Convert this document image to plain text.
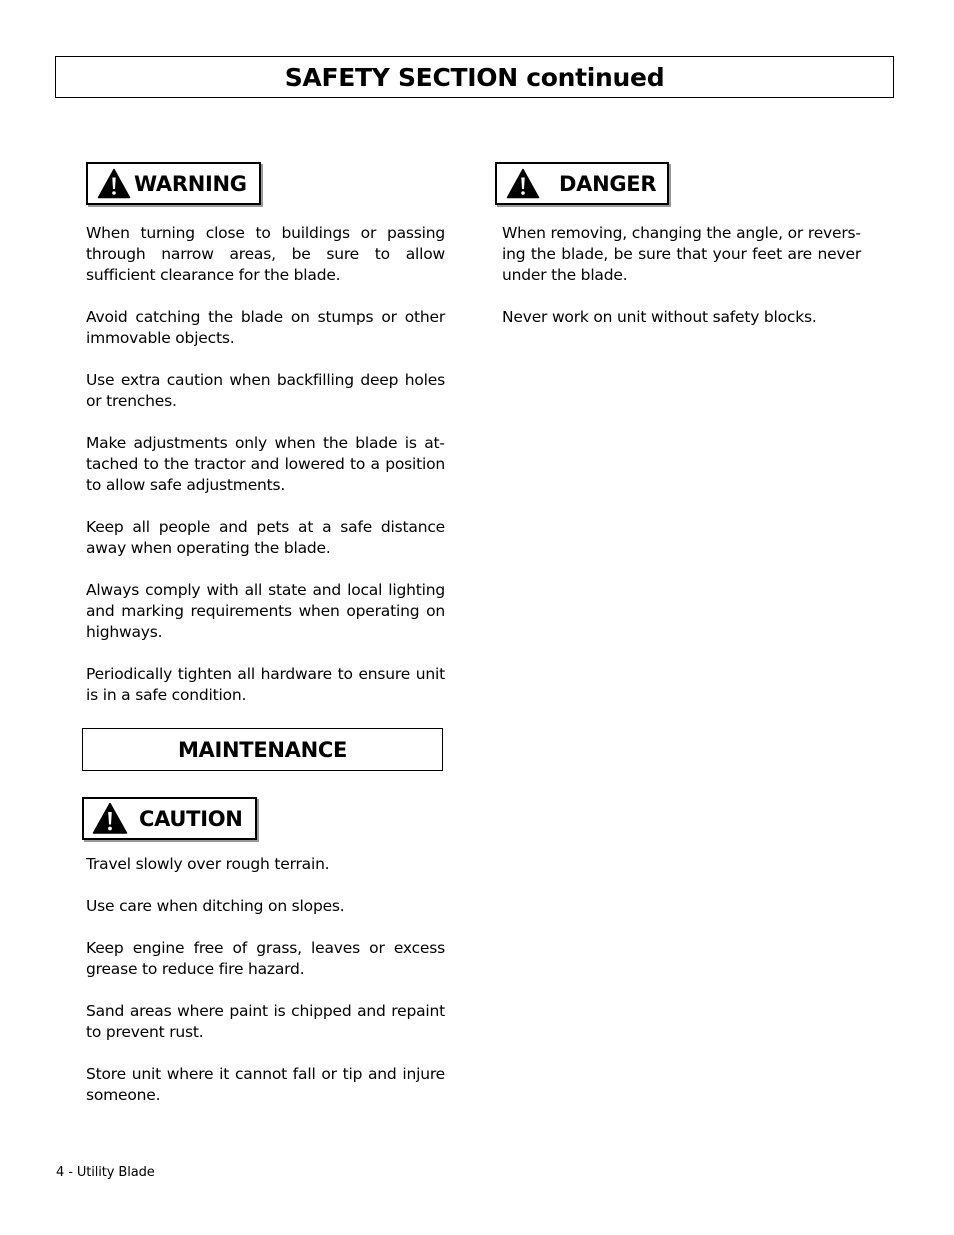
SAFETY SECTION continued
WARNING

When turning close to buildings or passing through narrow areas, be sure to allow sufficient clearance for the blade.

Avoid catching the blade on stumps or other immovable objects.

Use extra caution when backfilling deep holes or trenches.

Make adjustments only when the blade is attached to the tractor and lowered to a position to allow safe adjustments.

Keep all people and pets at a safe distance away when operating the blade.

Always comply with all state and local lighting and marking requirements when operating on highways.

Periodically tighten all hardware to ensure unit is in a safe condition.

MAINTENANCE
CAUTION

Travel slowly over rough terrain.

Use care when ditching on slopes.

Keep engine free of grass, leaves or excess grease to reduce fire hazard.

Sand areas where paint is chipped and repaint to prevent rust.

Store unit where it cannot fall or tip and injure someone.

DANGER

When removing, changing the angle, or reversing the blade, be sure that your feet are never under the blade.

Never work on unit without safety blocks.

4 - Utility Blade
